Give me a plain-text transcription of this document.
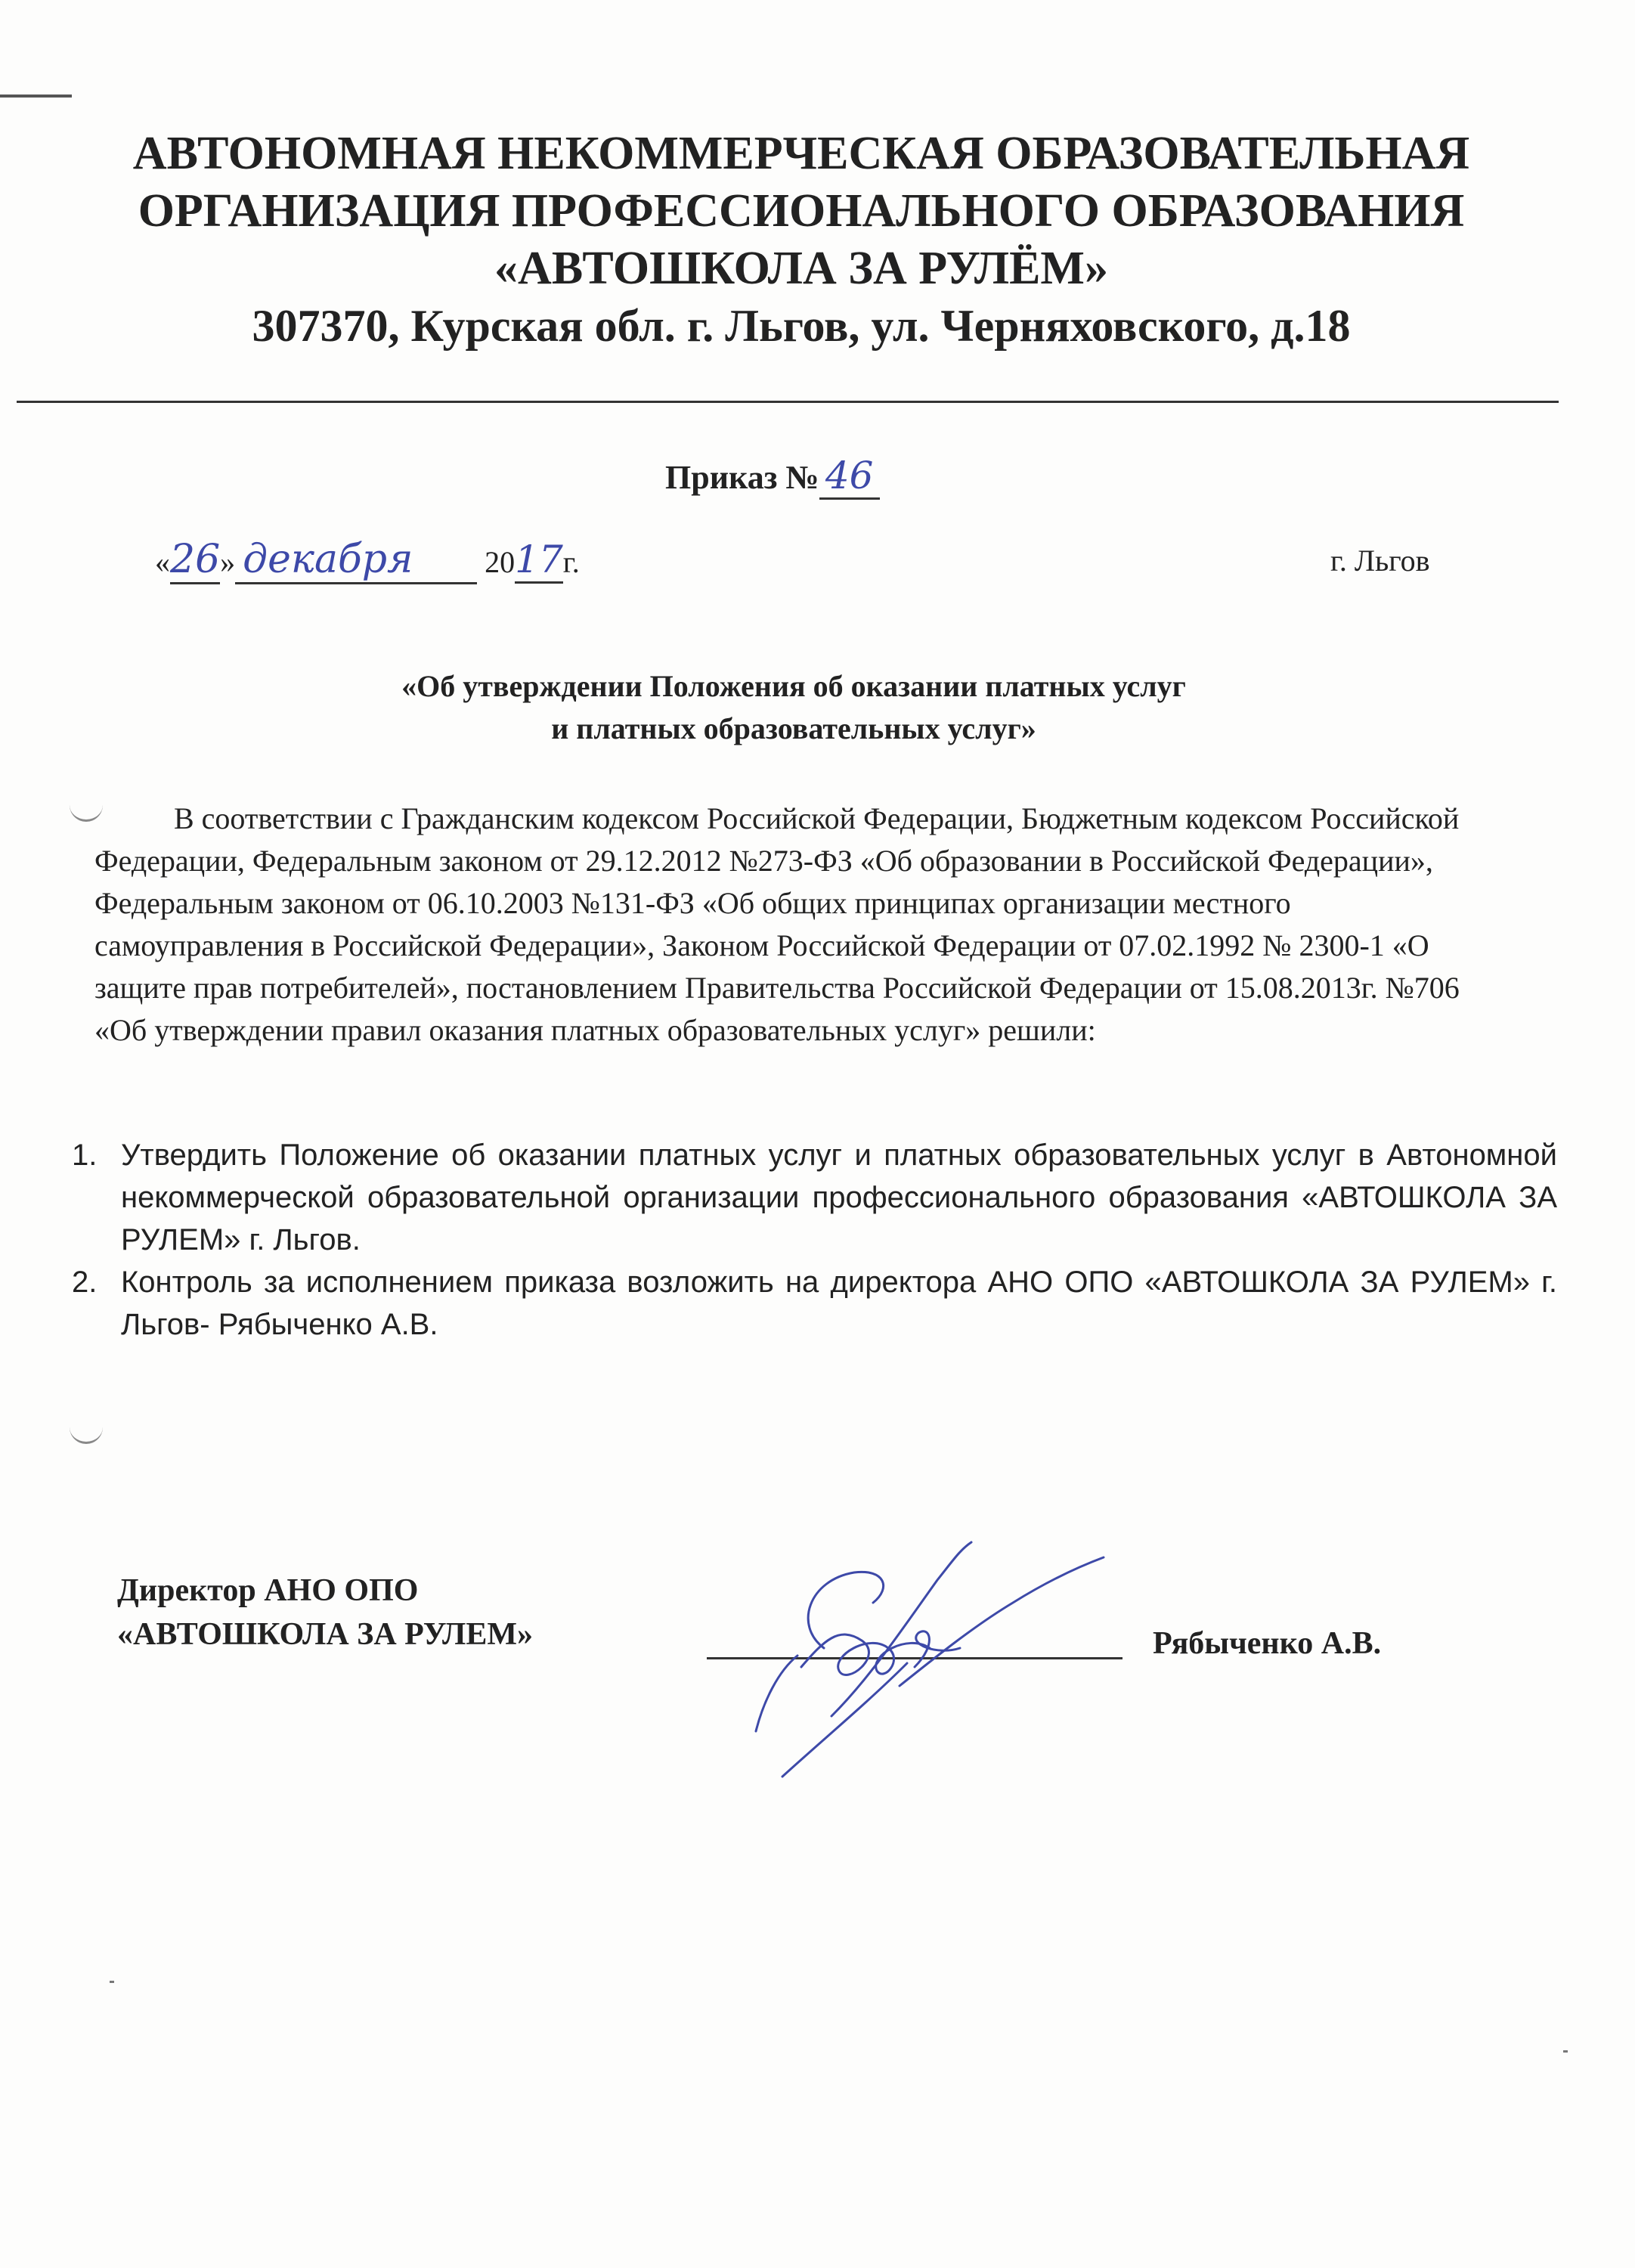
АВТОНОМНАЯ НЕКОММЕРЧЕСКАЯ ОБРАЗОВАТЕЛЬНАЯ
ОРГАНИЗАЦИЯ ПРОФЕССИОНАЛЬНОГО ОБРАЗОВАНИЯ
«АВТОШКОЛА ЗА РУЛЁМ»
307370, Курская обл. г. Льгов, ул. Черняховского, д.18
Приказ № 46
«26» декабря 2017г.	г. Льгов
«Об утверждении Положения об оказании платных услуг
и платных образовательных услуг»
В соответствии с Гражданским кодексом Российской Федерации, Бюджетным кодексом Российской Федерации, Федеральным законом от 29.12.2012 №273-ФЗ «Об образовании в Российской Федерации», Федеральным законом от 06.10.2003 №131-ФЗ «Об общих принципах организации местного самоуправления в Российской Федерации», Законом Российской Федерации от 07.02.1992 № 2300-1 «О защите прав потребителей», постановлением Правительства Российской Федерации от 15.08.2013г. №706 «Об утверждении правил оказания платных образовательных услуг» решили:
1. Утвердить Положение об оказании платных услуг и платных образовательных услуг в Автономной некоммерческой образовательной организации профессионального образования «АВТОШКОЛА ЗА РУЛЕМ» г. Льгов.
2. Контроль за исполнением приказа возложить на директора АНО ОПО «АВТОШКОЛА ЗА РУЛЕМ» г. Льгов- Рябыченко А.В.
Директор АНО ОПО
«АВТОШКОЛА ЗА РУЛЕМ»	Рябыченко А.В.
